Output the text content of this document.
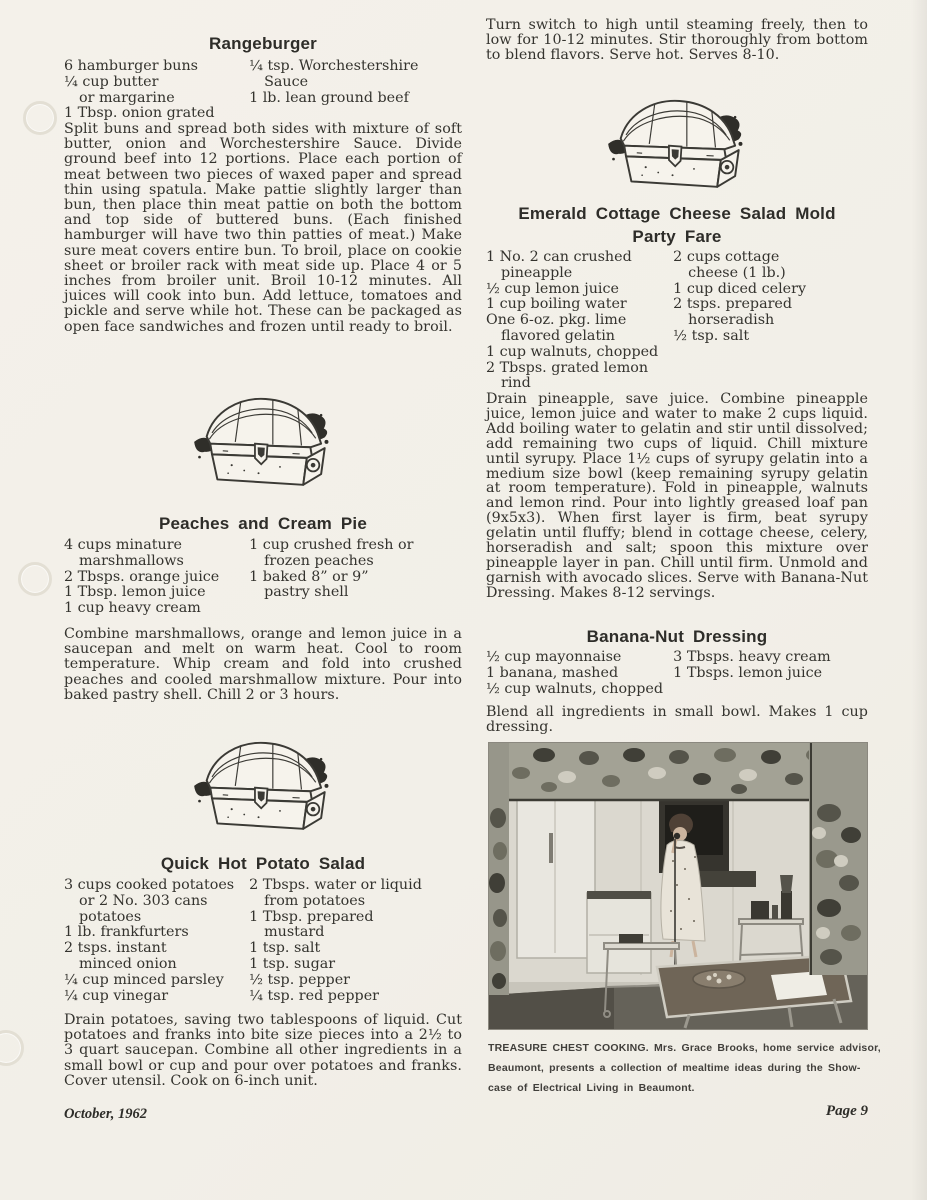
Rangeburger
6 hamburger buns
¼ cup butter
or margarine
1 Tbsp. onion grated
¼ tsp. Worchestershire
Sauce
1 lb. lean ground beef
Split buns and spread both sides with mixture of soft butter, onion and Worchestershire Sauce. Divide ground beef into 12 portions. Place each portion of meat between two pieces of waxed paper and spread thin using spatula. Make pattie slightly larger than bun, then place thin meat pattie on both the bottom and top side of buttered buns. (Each finished hamburger will have two thin patties of meat.) Make sure meat covers entire bun. To broil, place on cookie sheet or broiler rack with meat side up. Place 4 or 5 inches from broiler unit. Broil 10-12 minutes. All juices will cook into bun. Add lettuce, tomatoes and pickle and serve while hot. These can be packaged as open face sandwiches and frozen until ready to broil.
Peaches and Cream Pie
4 cups minature
marshmallows
2 Tbsps. orange juice
1 Tbsp. lemon juice
1 cup heavy cream
1 cup crushed fresh or
frozen peaches
1 baked 8” or 9”
pastry shell
Combine marshmallows, orange and lemon juice in a saucepan and melt on warm heat. Cool to room temperature. Whip cream and fold into crushed peaches and cooled marshmallow mixture. Pour into baked pastry shell. Chill 2 or 3 hours.
Quick Hot Potato Salad
3 cups cooked potatoes
or 2 No. 303 cans
potatoes
1 lb. frankfurters
2 tsps. instant
minced onion
¼ cup minced parsley
¼ cup vinegar
2 Tbsps. water or liquid
from potatoes
1 Tbsp. prepared
mustard
1 tsp. salt
1 tsp. sugar
½ tsp. pepper
¼ tsp. red pepper
Drain potatoes, saving two tablespoons of liquid. Cut potatoes and franks into bite size pieces into a 2½ to 3 quart saucepan. Combine all other ingredients in a small bowl or cup and pour over potatoes and franks. Cover utensil. Cook on 6-inch unit.
Turn switch to high until steaming freely, then to low for 10-12 minutes. Stir thoroughly from bottom to blend flavors. Serve hot. Serves 8-10.
Emerald Cottage Cheese Salad Mold
Party Fare
1 No. 2 can crushed
pineapple
½ cup lemon juice
1 cup boiling water
One 6-oz. pkg. lime
flavored gelatin
1 cup walnuts, chopped
2 Tbsps. grated lemon
rind
2 cups cottage
cheese (1 lb.)
1 cup diced celery
2 tsps. prepared
horseradish
½ tsp. salt
Drain pineapple, save juice. Combine pineapple juice, lemon juice and water to make 2 cups liquid. Add boiling water to gelatin and stir until dissolved; add remaining two cups of liquid. Chill mixture until syrupy. Place 1½ cups of syrupy gelatin into a medium size bowl (keep remaining syrupy gelatin at room temperature). Fold in pineapple, walnuts and lemon rind. Pour into lightly greased loaf pan (9x5x3). When first layer is firm, beat syrupy gelatin until fluffy; blend in cottage cheese, celery, horseradish and salt; spoon this mixture over pineapple layer in pan. Chill until firm. Unmold and garnish with avocado slices. Serve with Banana-Nut Dressing. Makes 8-12 servings.
Banana-Nut Dressing
½ cup mayonnaise
1 banana, mashed
½ cup walnuts, chopped
3 Tbsps. heavy cream
1 Tbsps. lemon juice
Blend all ingredients in small bowl. Makes 1 cup dressing.
TREASURE CHEST COOKING. Mrs. Grace Brooks, home service advisor,
Beaumont, presents a collection of mealtime ideas during the Show-
case of Electrical Living in Beaumont.
October, 1962	Page 9
